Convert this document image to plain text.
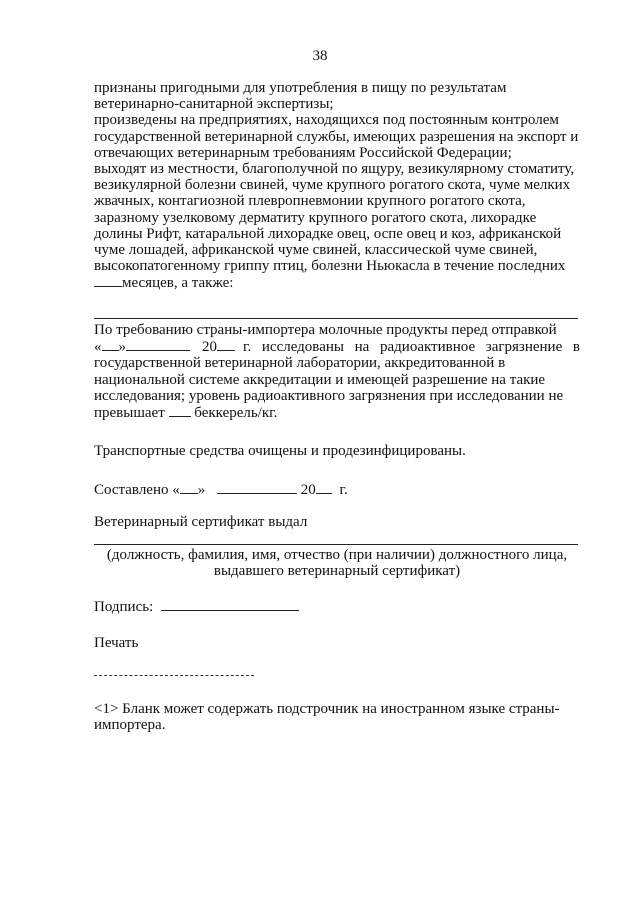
38

признаны пригодными для употребления в пищу по результатам

ветеринарно-санитарной экспертизы;

произведены на предприятиях, находящихся под постоянным контролем

государственной ветеринарной службы, имеющих разрешения на экспорт и

отвечающих ветеринарным требованиям Российской Федерации;

выходят из местности, благополучной по ящуру, везикулярному стоматиту,

везикулярной болезни свиней, чуме крупного рогатого скота, чуме мелких

жвачных, контагиозной плевропневмонии крупного рогатого скота,

заразному узелковому дерматиту крупного рогатого скота, лихорадке

долины Рифт, катаральной лихорадке овец, оспе овец и коз, африканской

чуме лошадей, африканской чуме свиней, классической чуме свиней,

высокопатогенному гриппу птиц, болезни Ньюкасла в течение последних

месяцев, а также:

По требованию страны-импортера молочные продукты перед отправкой

« »	20 г. исследованы на радиоактивное загрязнение в

государственной ветеринарной лаборатории, аккредитованной в

национальной системе аккредитации и имеющей разрешение на такие

исследования; уровень радиоактивного загрязнения при исследовании не

превышает беккерель/кг.

Транспортные средства очищены и продезинфицированы.
Составлено « »	20 г.
Ветеринарный сертификат выдал

(должность, фамилия, имя, отчество (при наличии) должностного лица,

выдавшего ветеринарный сертификат)

Подпись:
Печать

<1> Бланк может содержать подстрочник на иностранном языке страны-

импортера.
